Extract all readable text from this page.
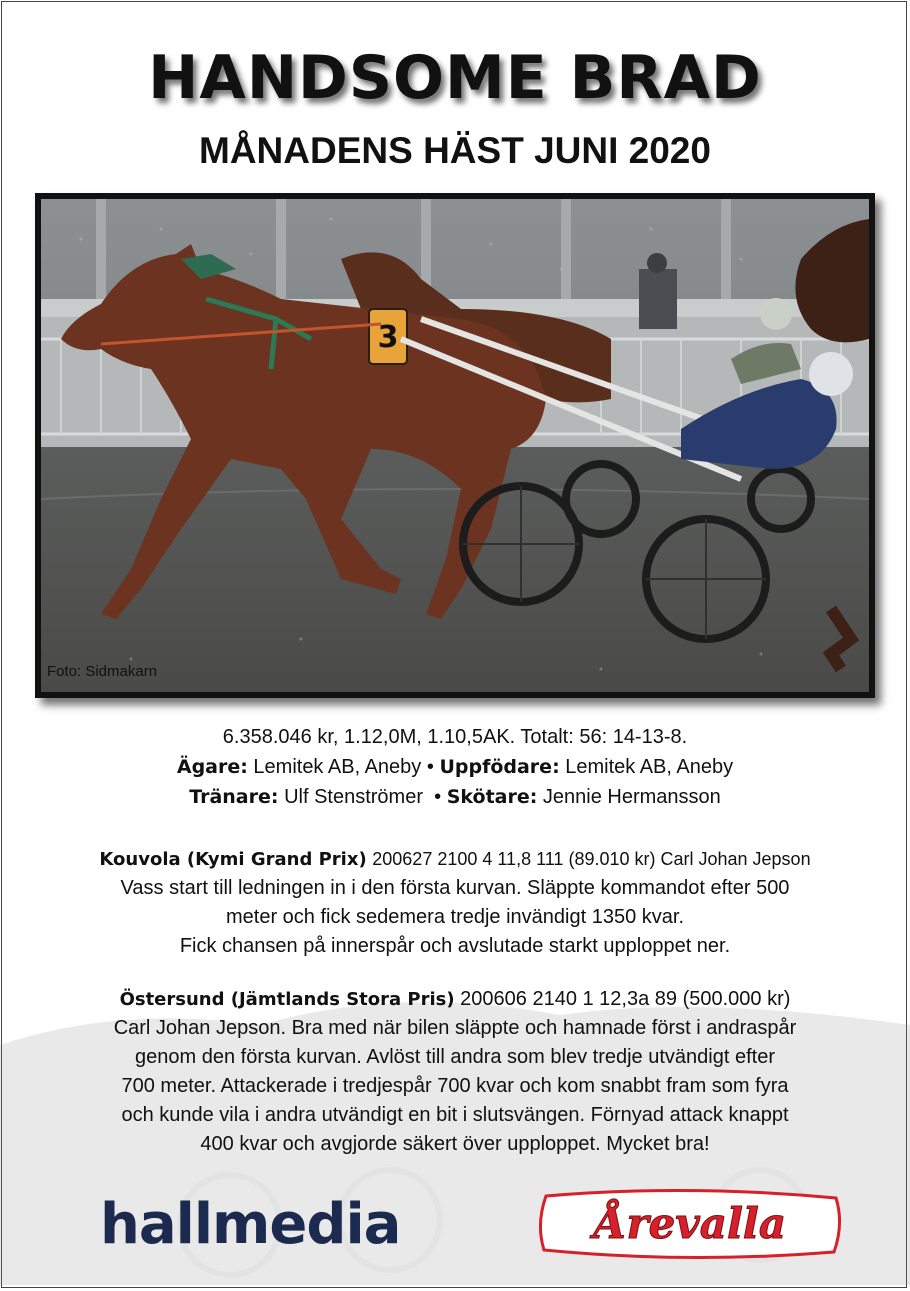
HANDSOME BRAD
MÅNADENS HÄST JUNI 2020
3
Foto: Sidmakarn
6.358.046 kr, 1.12,0M, 1.10,5AK. Totalt: 56: 14-13-8.
Ägare: Lemitek AB, Aneby • Uppfödare: Lemitek AB, Aneby
Tränare: Ulf Stenströmer • Skötare: Jennie Hermansson
Kouvola (Kymi Grand Prix) 200627 2100 4 11,8 111 (89.010 kr) Carl Johan Jepson
Vass start till ledningen in i den första kurvan. Släppte kommandot efter 500
meter och fick sedemera tredje invändigt 1350 kvar.
Fick chansen på innerspår och avslutade starkt upploppet ner.
Östersund (Jämtlands Stora Pris) 200606 2140 1 12,3a 89 (500.000 kr)
Carl Johan Jepson. Bra med när bilen släppte och hamnade först i andraspår
genom den första kurvan. Avlöst till andra som blev tredje utvändigt efter
700 meter. Attackerade i tredjespår 700 kvar och kom snabbt fram som fyra
och kunde vila i andra utvändigt en bit i slutsvängen. Förnyad attack knappt
400 kvar och avgjorde säkert över upploppet. Mycket bra!
hallmedia	Årevalla
